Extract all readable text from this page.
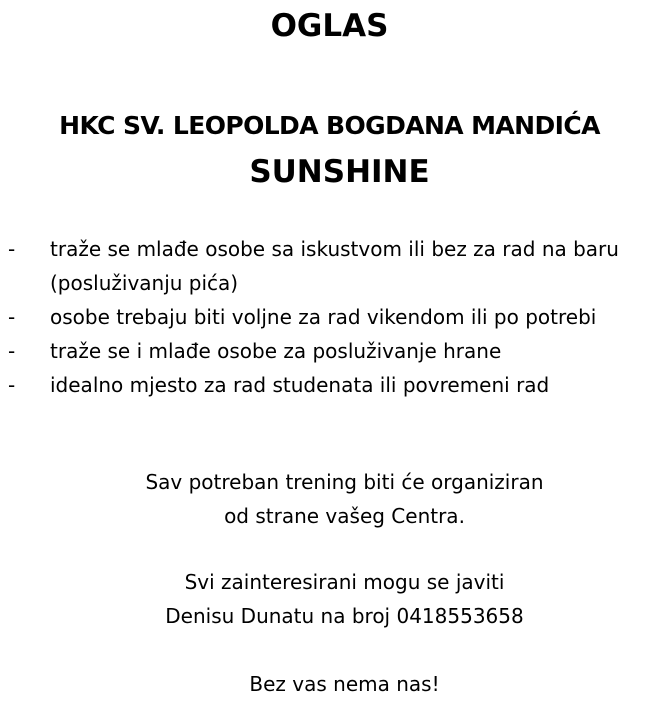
OGLAS
HKC SV. LEOPOLDA BOGDANA MANDIĆA
SUNSHINE
- traže se mlađe osobe sa iskustvom ili bez za rad na baru (posluživanju pića)
- osobe trebaju biti voljne za rad vikendom ili po potrebi
- traže se i mlađe osobe za posluživanje hrane
- idealno mjesto za rad studenata ili povremeni rad

Sav potreban trening biti će organiziran
od strane vašeg Centra.

Svi zainteresirani mogu se javiti
Denisu Dunatu na broj 0418553658

Bez vas nema nas!
